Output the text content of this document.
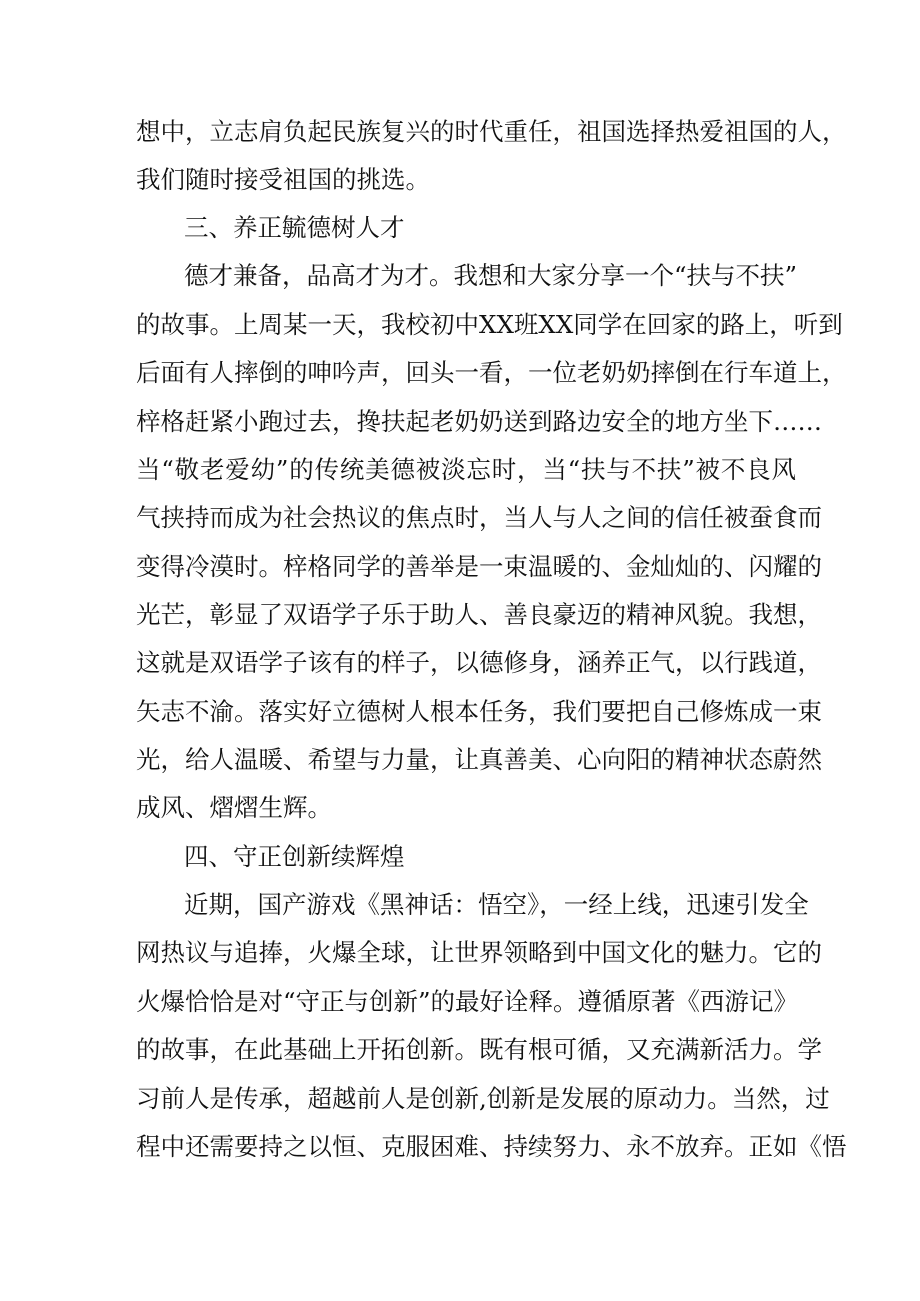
想中，立志肩负起民族复兴的时代重任，祖国选择热爱祖国的人，
我们随时接受祖国的挑选。
三、养正毓德树人才
德才兼备，品高才为才。我想和大家分享一个“扶与不扶”
的故事。上周某一天，我校初中XX班XX同学在回家的路上，听到
后面有人摔倒的呻吟声，回头一看，一位老奶奶摔倒在行车道上，
梓格赶紧小跑过去，搀扶起老奶奶送到路边安全的地方坐下……
当“敬老爱幼”的传统美德被淡忘时，当“扶与不扶”被不良风
气挟持而成为社会热议的焦点时，当人与人之间的信任被蚕食而
变得冷漠时。梓格同学的善举是一束温暖的、金灿灿的、闪耀的
光芒，彰显了双语学子乐于助人、善良豪迈的精神风貌。我想，
这就是双语学子该有的样子，以德修身，涵养正气，以行践道，
矢志不渝。落实好立德树人根本任务，我们要把自己修炼成一束
光，给人温暖、希望与力量，让真善美、心向阳的精神状态蔚然
成风、熠熠生辉。
四、守正创新续辉煌
近期，国产游戏《黑神话：悟空》，一经上线，迅速引发全
网热议与追捧，火爆全球，让世界领略到中国文化的魅力。它的
火爆恰恰是对“守正与创新”的最好诠释。遵循原著《西游记》
的故事，在此基础上开拓创新。既有根可循，又充满新活力。学
习前人是传承，超越前人是创新,创新是发展的原动力。当然，过
程中还需要持之以恒、克服困难、持续努力、永不放弃。正如《悟
